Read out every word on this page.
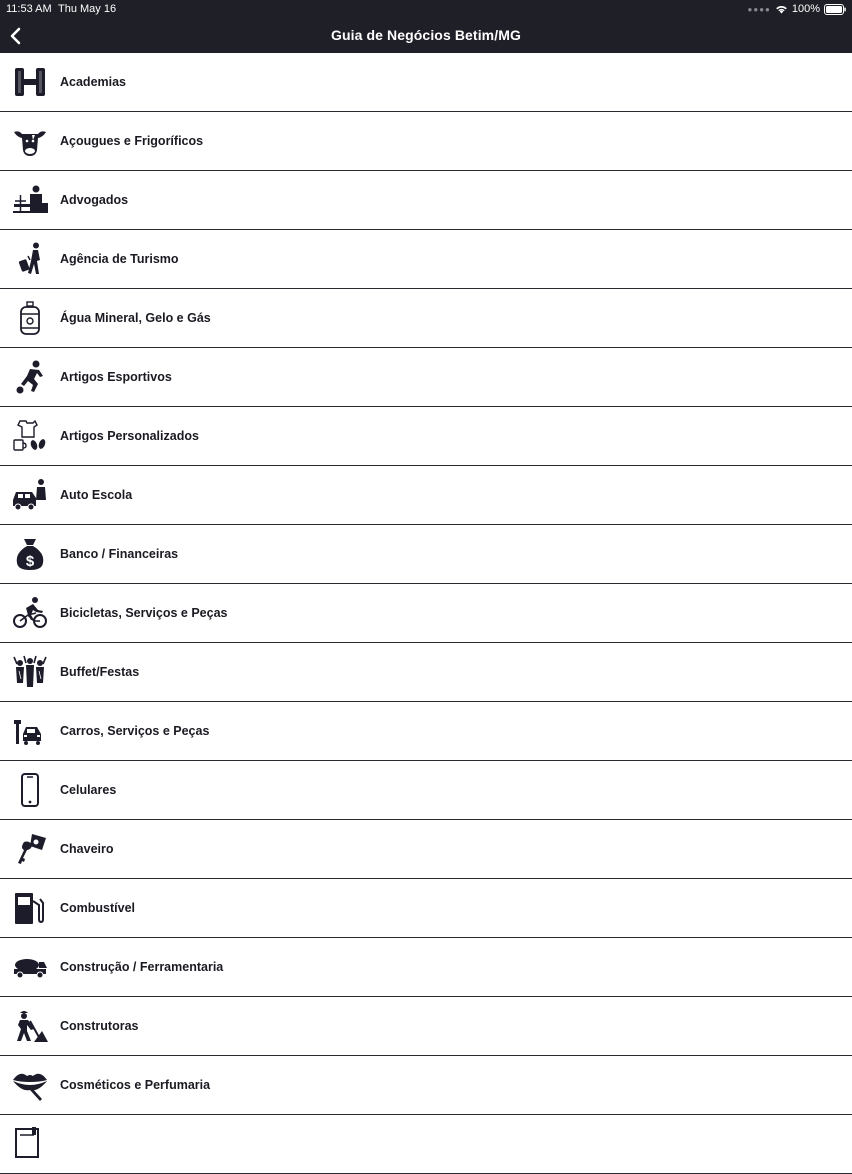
11:53 AM Thu May 16	●●●● 100%
Guia de Negócios Betim/MG
Academias
Açougues e Frigoríficos
Advogados
Agência de Turismo
Água Mineral, Gelo e Gás
Artigos Esportivos
Artigos Personalizados
Auto Escola
$ Banco / Financeiras
Bicicletas, Serviços e Peças
Buffet/Festas
Carros, Serviços e Peças
Celulares
Chaveiro
Combustível
Construção / Ferramentaria
Construtoras
Cosméticos e Perfumaria
